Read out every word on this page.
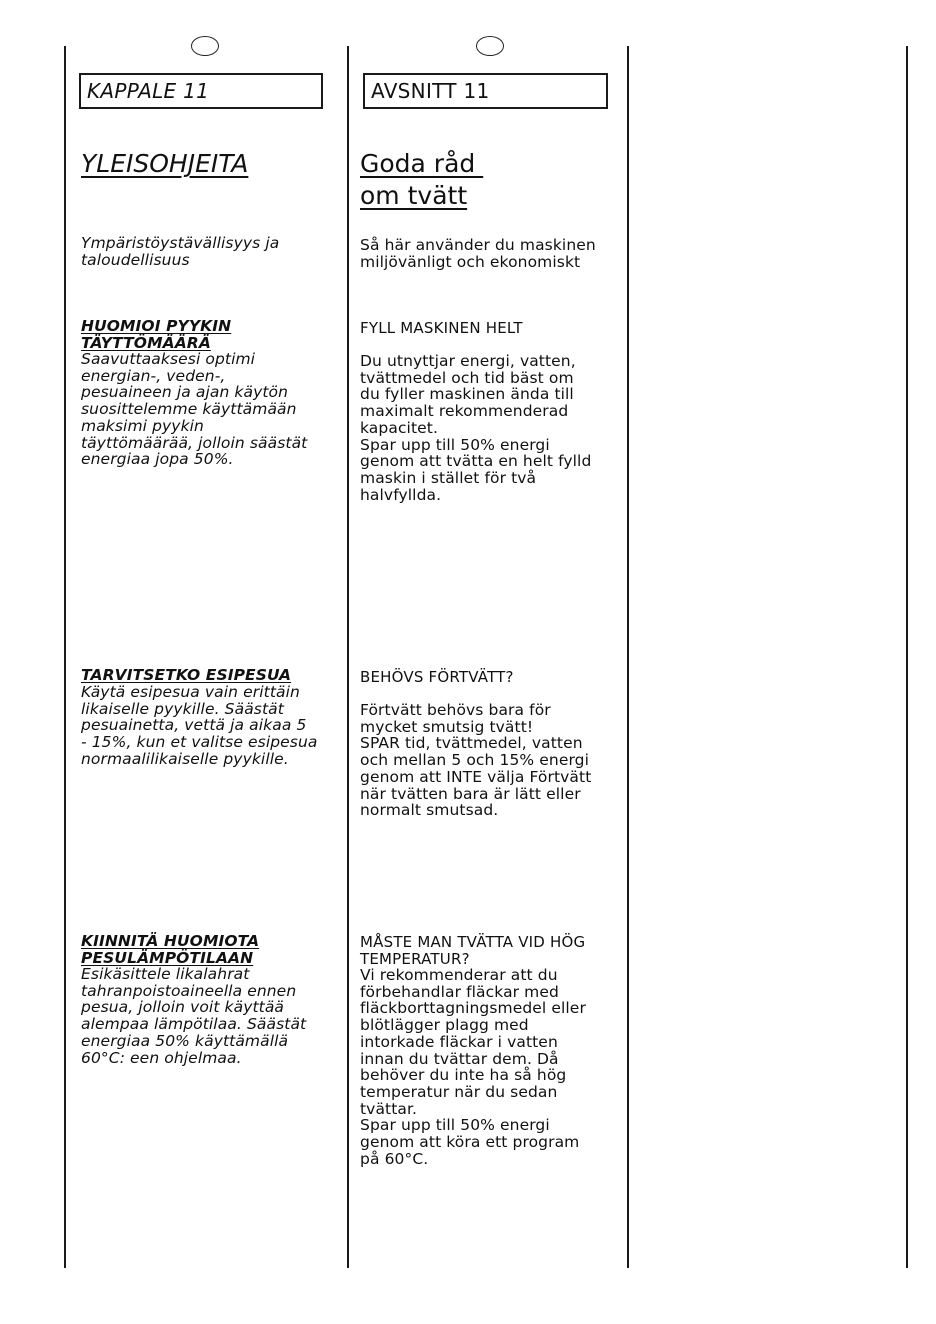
KAPPALE 11
YLEISOHJEITA
Ympäristöystävällisyys ja
taloudellisuus
HUOMIOI PYYKIN
TÄYTTÖMÄÄRÄ
Saavuttaaksesi optimi
energian-, veden-,
pesuaineen ja ajan käytön
suosittelemme käyttämään
maksimi pyykin
täyttömäärää, jolloin säästät
energiaa jopa 50%.
TARVITSETKO ESIPESUA
Käytä esipesua vain erittäin
likaiselle pyykille. Säästät
pesuainetta, vettä ja aikaa 5
- 15%, kun et valitse esipesua
normaalilikaiselle pyykille.
KIINNITÄ HUOMIOTA
PESULÄMPÖTILAAN
Esikäsittele likalahrat
tahranpoistoaineella ennen
pesua, jolloin voit käyttää
alempaa lämpötilaa. Säästät
energiaa 50% käyttämällä
60°C: een ohjelmaa.
AVSNITT 11
Goda råd
om tvätt
Så här använder du maskinen
miljövänligt och ekonomiskt
FYLL MASKINEN HELT
Du utnyttjar energi, vatten,
tvättmedel och tid bäst om
du fyller maskinen ända till
maximalt rekommenderad
kapacitet.
Spar upp till 50% energi
genom att tvätta en helt fylld
maskin i stället för två
halvfyllda.
BEHÖVS FÖRTVÄTT?
Förtvätt behövs bara för
mycket smutsig tvätt!
SPAR tid, tvättmedel, vatten
och mellan 5 och 15% energi
genom att INTE välja Förtvätt
när tvätten bara är lätt eller
normalt smutsad.
MÅSTE MAN TVÄTTA VID HÖG
TEMPERATUR?
Vi rekommenderar att du
förbehandlar fläckar med
fläckborttagningsmedel eller
blötlägger plagg med
intorkade fläckar i vatten
innan du tvättar dem. Då
behöver du inte ha så hög
temperatur när du sedan
tvättar.
Spar upp till 50% energi
genom att köra ett program
på 60°C.
